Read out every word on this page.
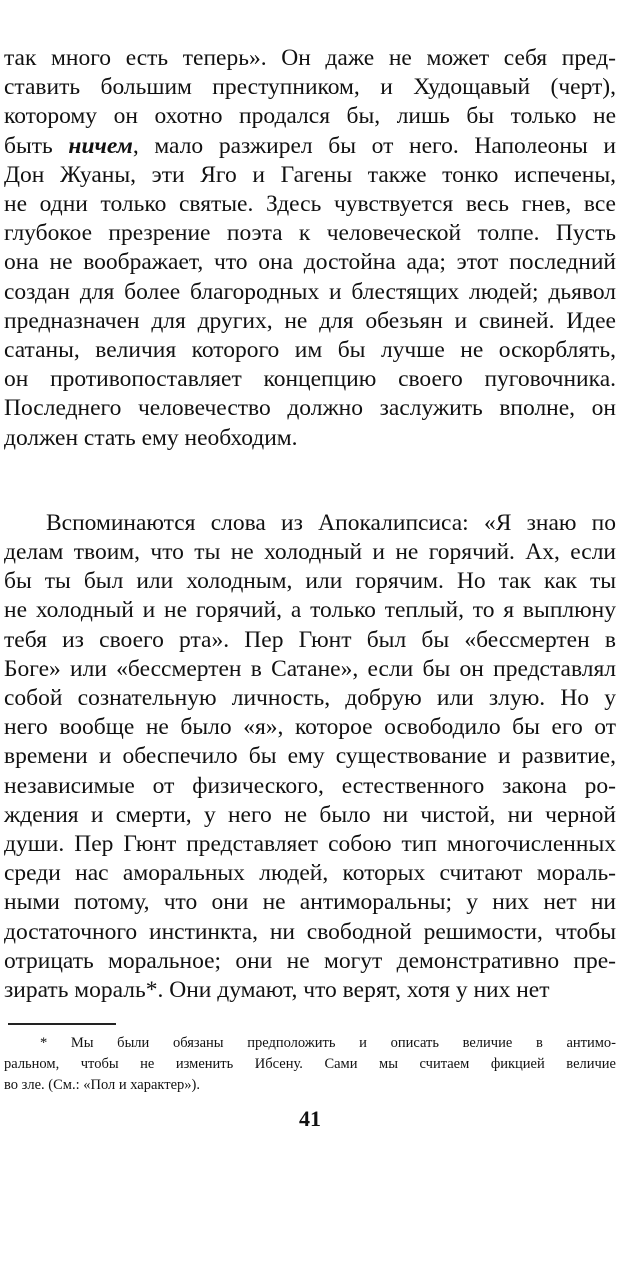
так много есть теперь». Он даже не может себя пред-
ставить большим преступником, и Худощавый (черт),
которому он охотно продался бы, лишь бы только не
быть ничем, мало разжирел бы от него. Наполеоны и
Дон Жуаны, эти Яго и Гагены также тонко испечены,
не одни только святые. Здесь чувствуется весь гнев, все
глубокое презрение поэта к человеческой толпе. Пусть
она не воображает, что она достойна ада; этот последний
создан для более благородных и блестящих людей; дьявол
предназначен для других, не для обезьян и свиней. Идее
сатаны, величия которого им бы лучше не оскорблять,
он противопоставляет концепцию своего пуговочника.
Последнего человечество должно заслужить вполне, он
должен стать ему необходим.
Вспоминаются слова из Апокалипсиса: «Я знаю по
делам твоим, что ты не холодный и не горячий. Ах, если
бы ты был или холодным, или горячим. Но так как ты
не холодный и не горячий, а только теплый, то я выплюну
тебя из своего рта». Пер Гюнт был бы «бессмертен в
Боге» или «бессмертен в Сатане», если бы он представлял
собой сознательную личность, добрую или злую. Но у
него вообще не было «я», которое освободило бы его от
времени и обеспечило бы ему существование и развитие,
независимые от физического, естественного закона ро-
ждения и смерти, у него не было ни чистой, ни черной
души. Пер Гюнт представляет собою тип многочисленных
среди нас аморальных людей, которых считают мораль-
ными потому, что они не антиморальны; у них нет ни
достаточного инстинкта, ни свободной решимости, чтобы
отрицать моральное; они не могут демонстративно пре-
зирать мораль*. Они думают, что верят, хотя у них нет
* Мы были обязаны предположить и описать величие в антимо-
ральном, чтобы не изменить Ибсену. Сами мы считаем фикцией величие
во зле. (См.: «Пол и характер»).
41
